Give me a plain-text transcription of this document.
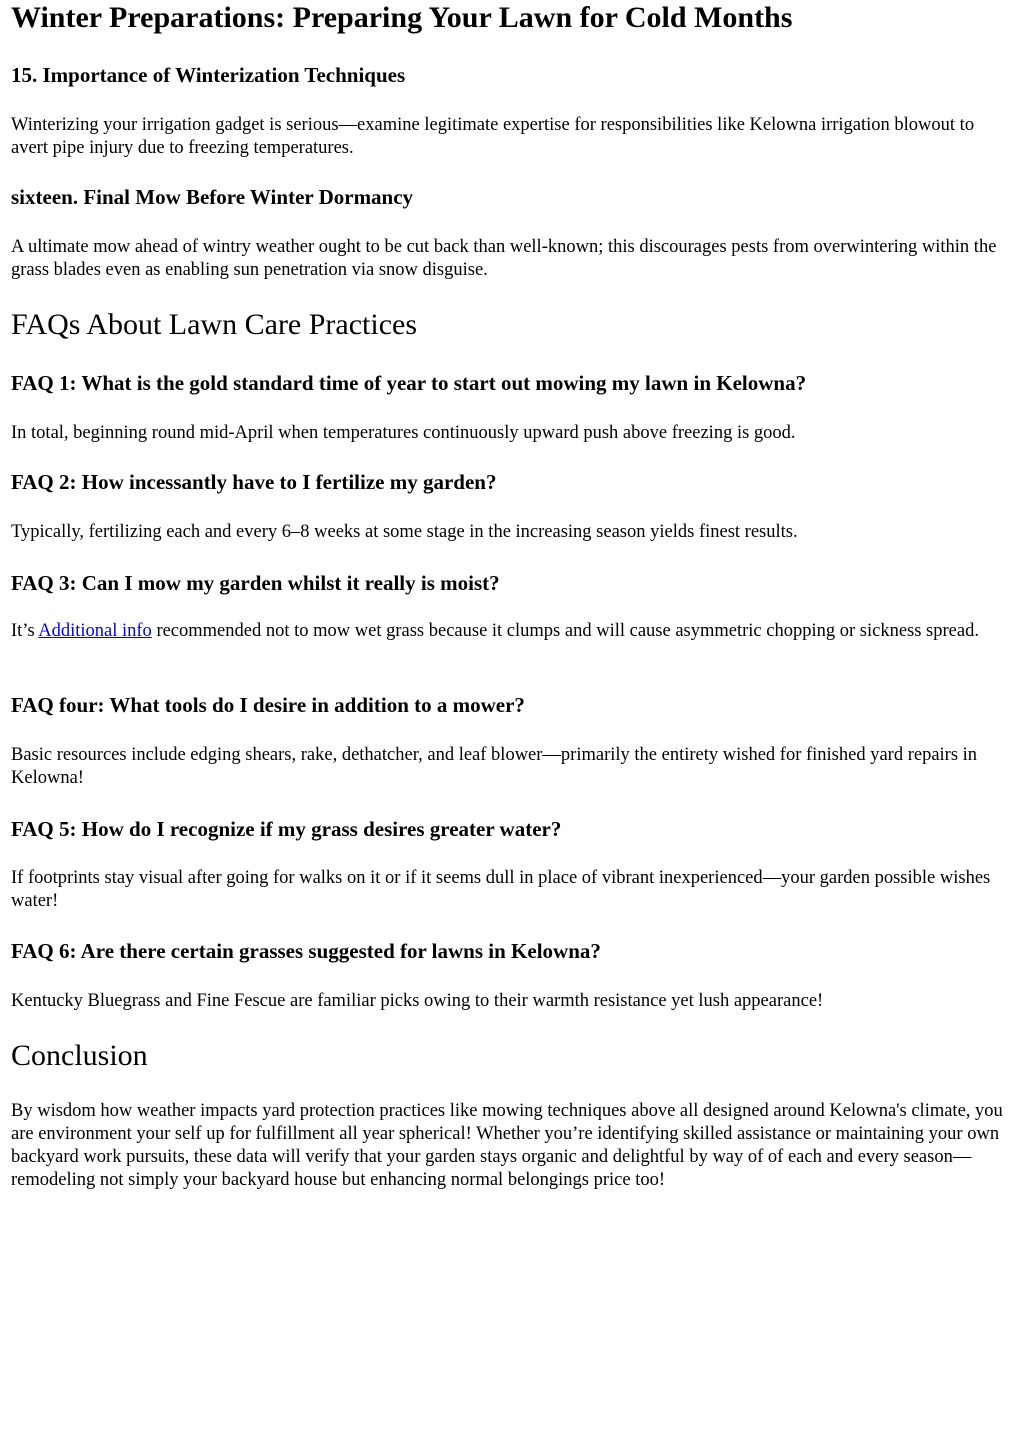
Winter Preparations: Preparing Your Lawn for Cold Months
15. Importance of Winterization Techniques

Winterizing your irrigation gadget is serious—examine legitimate expertise for responsibilities like Kelowna irrigation blowout to avert pipe injury due to freezing temperatures.

sixteen. Final Mow Before Winter Dormancy

A ultimate mow ahead of wintry weather ought to be cut back than well-known; this discourages pests from overwintering within the grass blades even as enabling sun penetration via snow disguise.

FAQs About Lawn Care Practices
FAQ 1: What is the gold standard time of year to start out mowing my lawn in Kelowna?

In total, beginning round mid-April when temperatures continuously upward push above freezing is good.

FAQ 2: How incessantly have to I fertilize my garden?

Typically, fertilizing each and every 6–8 weeks at some stage in the increasing season yields finest results.

FAQ 3: Can I mow my garden whilst it really is moist?

It’s Additional info recommended not to mow wet grass because it clumps and will cause asymmetric chopping or sickness spread.

FAQ four: What tools do I desire in addition to a mower?

Basic resources include edging shears, rake, dethatcher, and leaf blower—primarily the entirety wished for finished yard repairs in Kelowna!

FAQ 5: How do I recognize if my grass desires greater water?

If footprints stay visual after going for walks on it or if it seems dull in place of vibrant inexperienced—your garden possible wishes water!

FAQ 6: Are there certain grasses suggested for lawns in Kelowna?

Kentucky Bluegrass and Fine Fescue are familiar picks owing to their warmth resistance yet lush appearance!

Conclusion

By wisdom how weather impacts yard protection practices like mowing techniques above all designed around Kelowna's climate, you are environment your self up for fulfillment all year spherical! Whether you’re identifying skilled assistance or maintaining your own backyard work pursuits, these data will verify that your garden stays organic and delightful by way of of each and every season—remodeling not simply your backyard house but enhancing normal belongings price too!
